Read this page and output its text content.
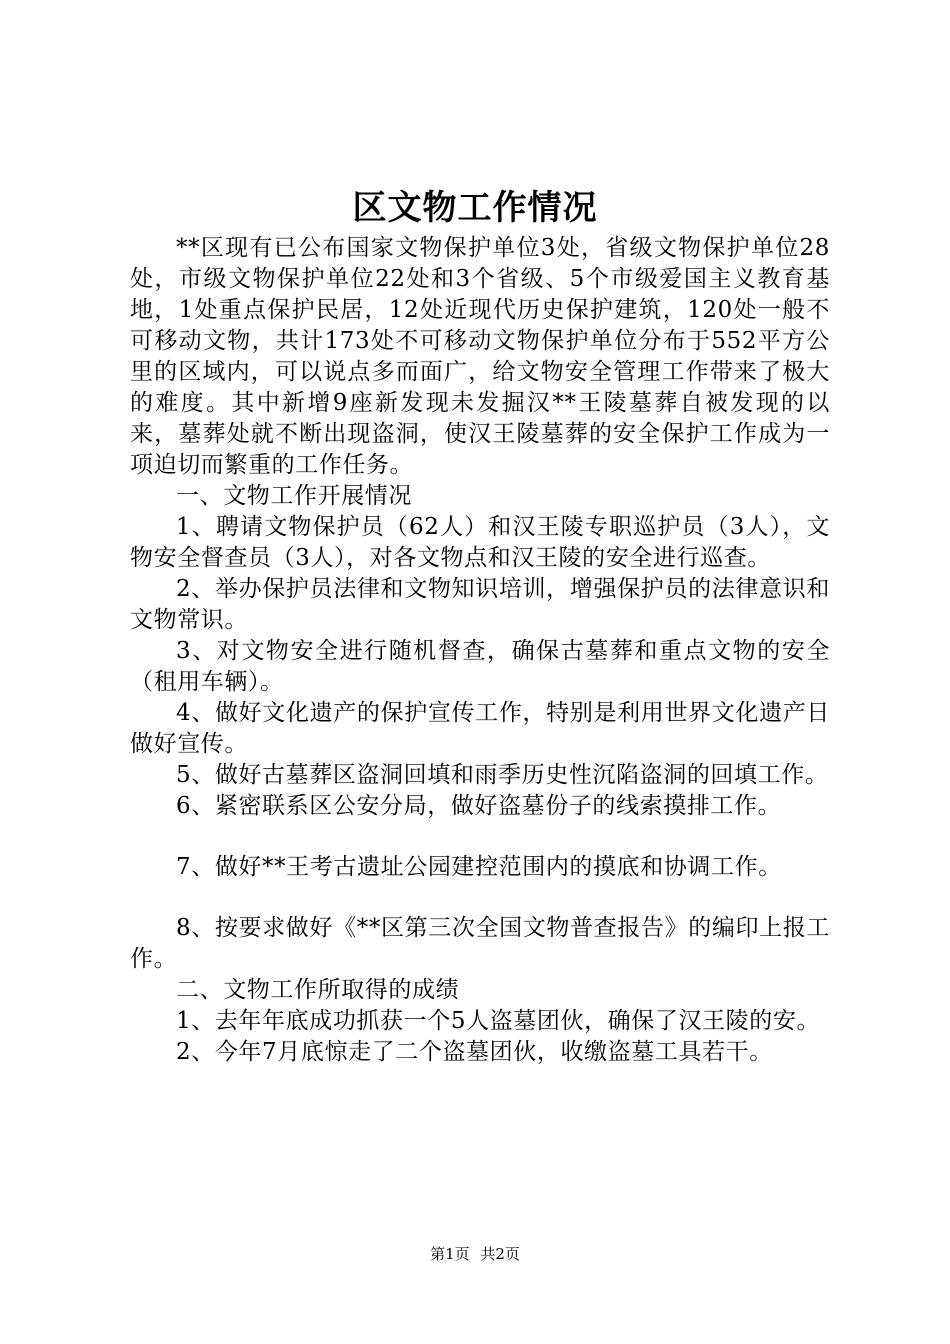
区文物工作情况

**区现有已公布国家文物保护单位3处，省级文物保护单位28处，市级文物保护单位22处和3个省级、5个市级爱国主义教育基地，1处重点保护民居，12处近现代历史保护建筑，120处一般不可移动文物，共计173处不可移动文物保护单位分布于552平方公里的区域内，可以说点多而面广，给文物安全管理工作带来了极大的难度。其中新增9座新发现未发掘汉**王陵墓葬自被发现的以来，墓葬处就不断出现盗洞，使汉王陵墓葬的安全保护工作成为一项迫切而繁重的工作任务。

一、文物工作开展情况

1、聘请文物保护员（62人）和汉王陵专职巡护员（3人），文物安全督查员（3人），对各文物点和汉王陵的安全进行巡查。

2、举办保护员法律和文物知识培训，增强保护员的法律意识和文物常识。

3、对文物安全进行随机督查，确保古墓葬和重点文物的安全（租用车辆）。

4、做好文化遗产的保护宣传工作，特别是利用世界文化遗产日做好宣传。

5、做好古墓葬区盗洞回填和雨季历史性沉陷盗洞的回填工作。

6、紧密联系区公安分局，做好盗墓份子的线索摸排工作。

7、做好**王考古遗址公园建控范围内的摸底和协调工作。

8、按要求做好《**区第三次全国文物普查报告》的编印上报工作。

二、文物工作所取得的成绩

1、去年年底成功抓获一个5人盗墓团伙，确保了汉王陵的安。

2、今年7月底惊走了二个盗墓团伙，收缴盗墓工具若干。

第1页 共2页
